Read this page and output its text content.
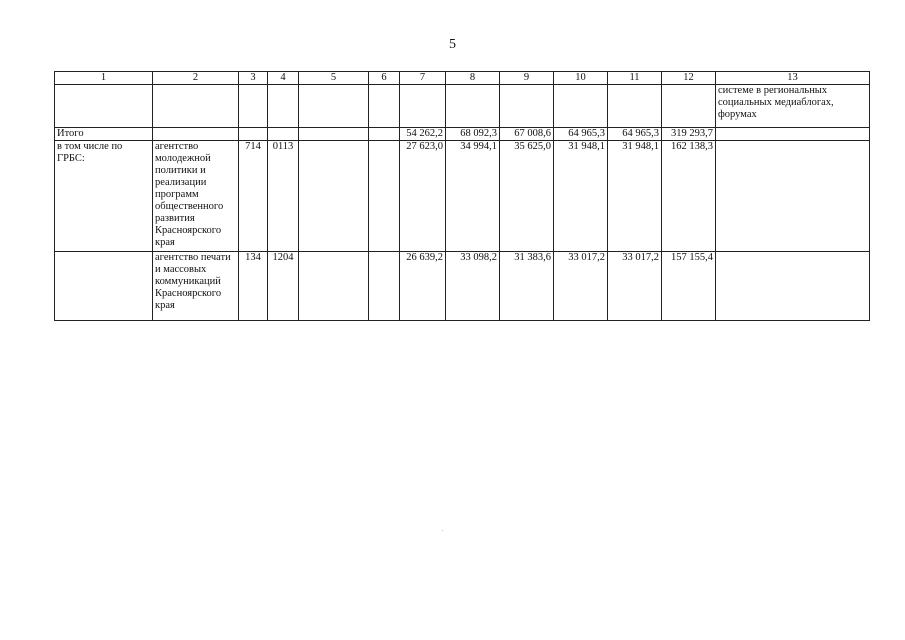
5
1	2	3	4	5	6	7	8	9	10	11	12	13
												системе в региональных социальных медиаблогах, форумах
Итого						54 262,2	68 092,3	67 008,6	64 965,3	64 965,3	319 293,7	
в том числе по ГРБС:	агентство молодежной политики и реализации программ общественного развития Красноярского края	714	0113			27 623,0	34 994,1	35 625,0	31 948,1	31 948,1	162 138,3	
	агентство печати и массовых коммуникаций Красноярского края	134	1204			26 639,2	33 098,2	31 383,6	33 017,2	33 017,2	157 155,4	
